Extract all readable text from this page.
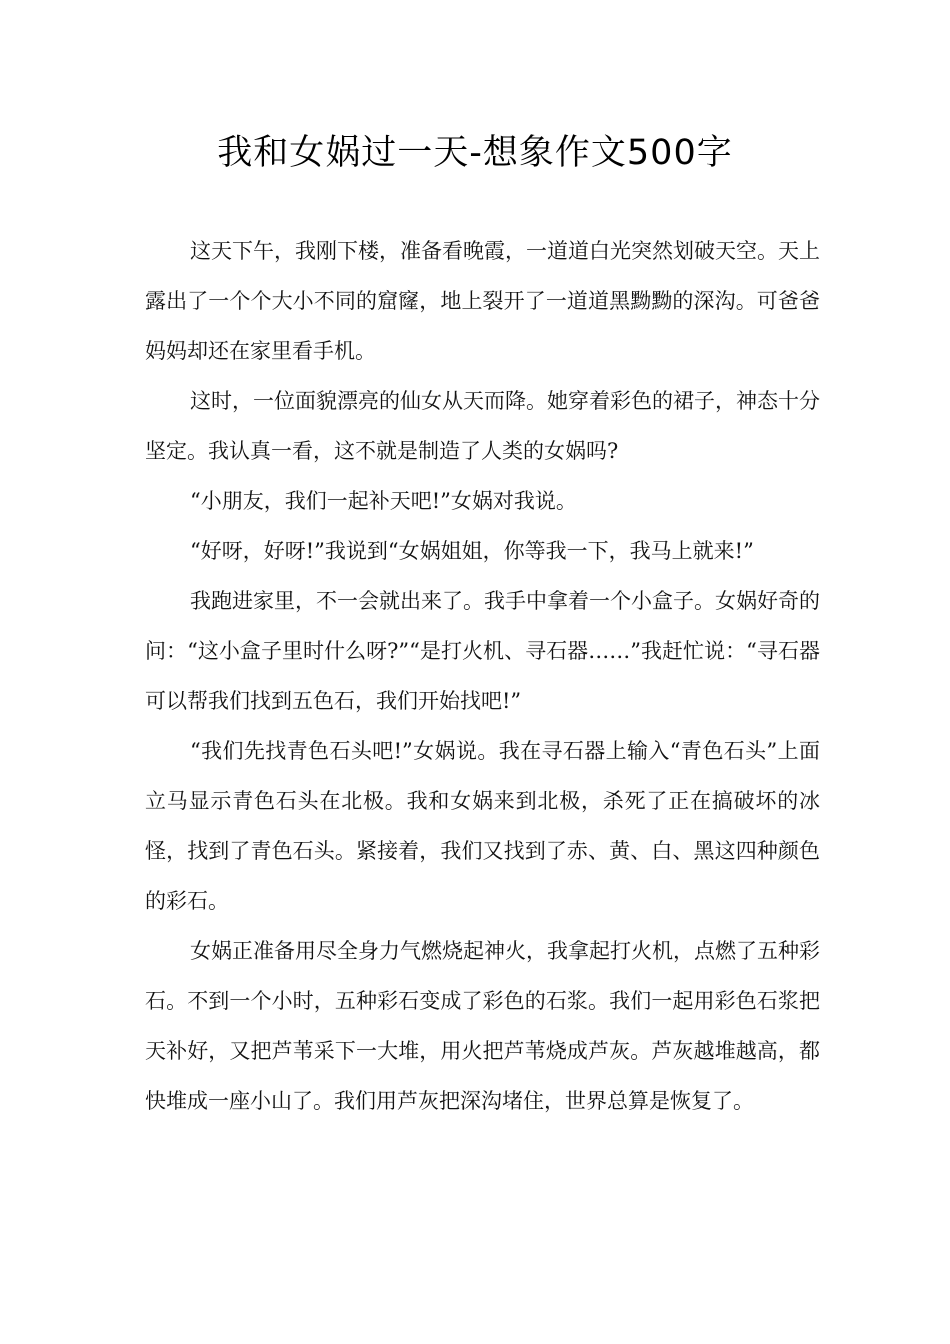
我和女娲过一天-想象作文500字

这天下午，我刚下楼，准备看晚霞，一道道白光突然划破天空。天上露出了一个个大小不同的窟窿，地上裂开了一道道黑黝黝的深沟。可爸爸妈妈却还在家里看手机。

这时，一位面貌漂亮的仙女从天而降。她穿着彩色的裙子，神态十分坚定。我认真一看，这不就是制造了人类的女娲吗?

“小朋友，我们一起补天吧!”女娲对我说。

“好呀，好呀!”我说到“女娲姐姐，你等我一下，我马上就来!”

我跑进家里，不一会就出来了。我手中拿着一个小盒子。女娲好奇的问：“这小盒子里时什么呀?”“是打火机、寻石器……”我赶忙说：“寻石器可以帮我们找到五色石，我们开始找吧!”

“我们先找青色石头吧!”女娲说。我在寻石器上输入“青色石头”上面立马显示青色石头在北极。我和女娲来到北极，杀死了正在搞破坏的冰怪，找到了青色石头。紧接着，我们又找到了赤、黄、白、黑这四种颜色的彩石。

女娲正准备用尽全身力气燃烧起神火，我拿起打火机，点燃了五种彩石。不到一个小时，五种彩石变成了彩色的石浆。我们一起用彩色石浆把天补好，又把芦苇采下一大堆，用火把芦苇烧成芦灰。芦灰越堆越高，都快堆成一座小山了。我们用芦灰把深沟堵住，世界总算是恢复了。
